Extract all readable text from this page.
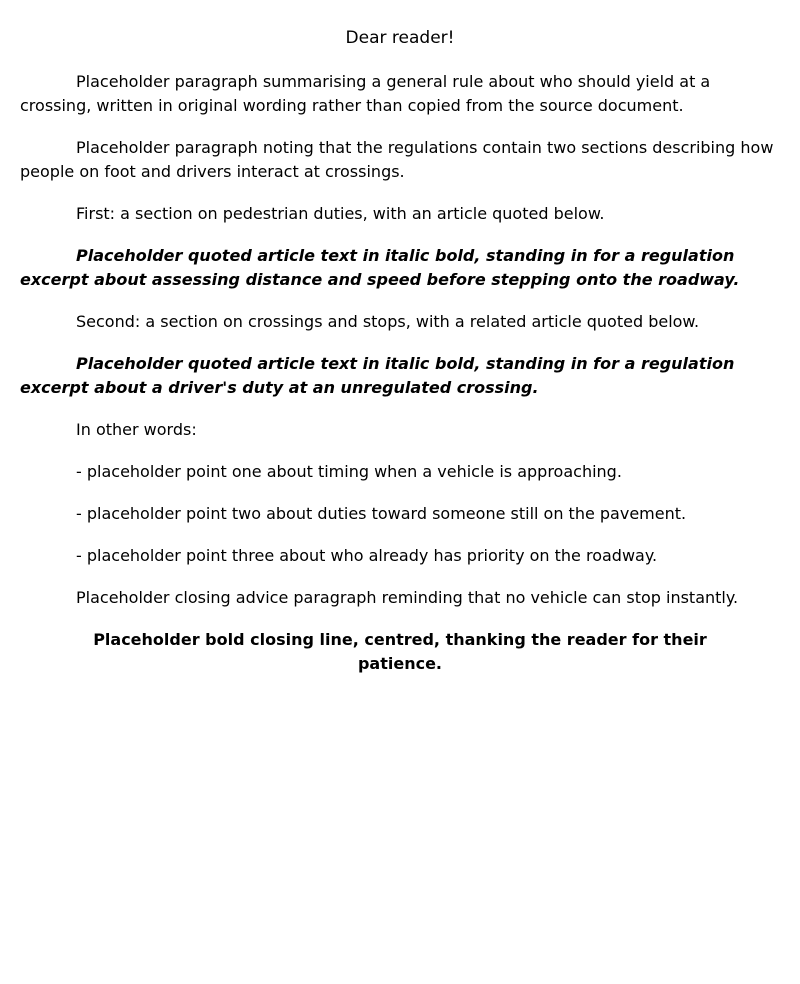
Dear reader!
Placeholder paragraph summarising a general rule about who should yield at a crossing, written in original wording rather than copied from the source document.
Placeholder paragraph noting that the regulations contain two sections describing how people on foot and drivers interact at crossings.
First: a section on pedestrian duties, with an article quoted below.
Placeholder quoted article text in italic bold, standing in for a regulation excerpt about assessing distance and speed before stepping onto the roadway.
Second: a section on crossings and stops, with a related article quoted below.
Placeholder quoted article text in italic bold, standing in for a regulation excerpt about a driver's duty at an unregulated crossing.
In other words:
- placeholder point one about timing when a vehicle is approaching.
- placeholder point two about duties toward someone still on the pavement.
- placeholder point three about who already has priority on the roadway.
Placeholder closing advice paragraph reminding that no vehicle can stop instantly.
Placeholder bold closing line, centred, thanking the reader for their patience.
